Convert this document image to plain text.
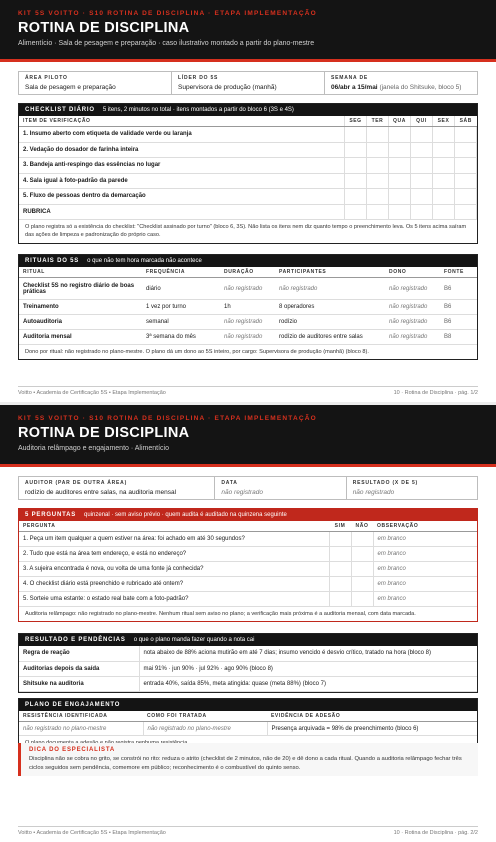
KIT 5S VOITTO · S10 ROTINA DE DISCIPLINA · ETAPA IMPLEMENTAÇÃO
ROTINA DE DISCIPLINA
Alimentício · Sala de pesagem e preparação · caso ilustrativo montado a partir do plano-mestre
ÁREA PILOTO
Sala de pesagem e preparação
LÍDER DO 5S
Supervisora de produção (manhã)
SEMANA DE
06/abr a 15/mai (janela do Shitsuke, bloco 5)
CHECKLIST DIÁRIO 5 itens, 2 minutos no total · itens montados a partir do bloco 6 (3S e 4S)
ITEM DE VERIFICAÇÃO	SEG	TER	QUA	QUI	SEX	SÁB
1. Insumo aberto com etiqueta de validade verde ou laranja						
2. Vedação do dosador de farinha inteira						
3. Bandeja anti-respingo das essências no lugar						
4. Sala igual à foto-padrão da parede						
5. Fluxo de pessoas dentro da demarcação						
RUBRICA						
O plano registra só a existência do checklist: "Checklist assinado por turno" (bloco 6, 3S). Não lista os itens nem diz quanto tempo o preenchimento leva. Os 5 itens acima saíram das ações de limpeza e padronização do próprio caso.
RITUAIS DO 5S o que não tem hora marcada não acontece
RITUAL	FREQUÊNCIA	DURAÇÃO	PARTICIPANTES	DONO	FONTE
Checklist 5S no registro diário de boas práticas	diário	não registrado	não registrado	não registrado	B6
Treinamento	1 vez por turno	1h	8 operadores	não registrado	B6
Autoauditoria	semanal	não registrado	rodízio	não registrado	B6
Auditoria mensal	3ª semana do mês	não registrado	rodízio de auditores entre salas	não registrado	B8
Dono por ritual: não registrado no plano-mestre. O plano dá um dono ao 5S inteiro, por cargo: Supervisora de produção (manhã) (bloco 8).
Voitto • Academia de Certificação 5S • Etapa Implementação	10 · Rotina de Disciplina · pág. 1/2
KIT 5S VOITTO · S10 ROTINA DE DISCIPLINA · ETAPA IMPLEMENTAÇÃO
ROTINA DE DISCIPLINA
Auditoria relâmpago e engajamento · Alimentício
AUDITOR (PAR DE OUTRA ÁREA)
rodízio de auditores entre salas, na auditoria mensal
DATA
não registrado
RESULTADO (X DE 5)
não registrado
5 PERGUNTAS quinzenal · sem aviso prévio · quem audita é auditado na quinzena seguinte
PERGUNTA	SIM	NÃO	OBSERVAÇÃO
1. Peça um item qualquer a quem estiver na área: foi achado em até 30 segundos?			em branco
2. Tudo que está na área tem endereço, e está no endereço?			em branco
3. A sujeira encontrada é nova, ou volta de uma fonte já conhecida?			em branco
4. O checklist diário está preenchido e rubricado até ontem?			em branco
5. Sorteie uma estante: o estado real bate com a foto-padrão?			em branco
Auditoria relâmpago: não registrado no plano-mestre. Nenhum ritual sem aviso no plano; a verificação mais próxima é a auditoria mensal, com data marcada.
RESULTADO E PENDÊNCIAS o que o plano manda fazer quando a nota cai
Regra de reação	nota abaixo de 88% aciona mutirão em até 7 dias; insumo vencido é desvio crítico, tratado na hora (bloco 8)
Auditorias depois da saída	mai 91% · jun 90% · jul 92% · ago 90% (bloco 8)
Shitsuke na auditoria	entrada 40%, saída 85%, meta atingida: quase (meta 88%) (bloco 7)
PLANO DE ENGAJAMENTO
RESISTÊNCIA IDENTIFICADA	COMO FOI TRATADA	EVIDÊNCIA DE ADESÃO
não registrado no plano-mestre	não registrado no plano-mestre	Presença arquivada = 98% de preenchimento (bloco 6)
DICA DO ESPECIALISTA
Disciplina não se cobra no grito, se constrói no rito: reduza o atrito (checklist de 2 minutos, não de 20) e dê dono a cada ritual. Quando a auditoria relâmpago fechar três ciclos seguidos sem pendência, comemore em público; reconhecimento é o combustível do quinto senso.
Voitto • Academia de Certificação 5S • Etapa Implementação	10 · Rotina de Disciplina · pág. 2/2
